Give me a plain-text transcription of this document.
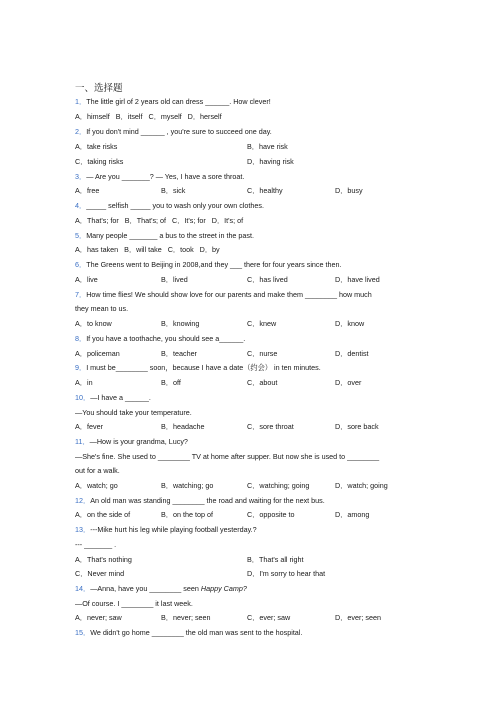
一、选择题
1．The little girl of 2 years old can dress ______. How clever!
A．himself B．itself C．myself D．herself
2．If you don't mind ______ , you're sure to succeed one day.
A．take risks	B．have risk
C．taking risks	D．having risk
3．— Are you _______? — Yes, I have a sore throat.
A．free	B．sick	C．healthy	D．busy
4．_____ selfish _____ you to wash only your own clothes.
A．That's; for B．That's; of C．It's; for D．It's; of
5．Many people _______ a bus to the street in the past.
A．has taken B．will take C．took D．by
6．The Greens went to Beijing in 2008,and they ___ there for four years since then.
A．live	B．lived	C．has lived	D．have lived
7．How time flies! We should show love for our parents and make them ________ how much
they mean to us.
A．to know	B．knowing	C．knew	D．know
8．If you have a toothache, you should see a______.
A．policeman	B．teacher	C．nurse	D．dentist
9．I must be________ soon，because I have a date（约会） in ten minutes.
A．in	B．off	C．about	D．over
10．—I have a ______.
—You should take your temperature.
A．fever	B．headache	C．sore throat	D．sore back
11．—How is your grandma, Lucy?
—She's fine. She used to ________ TV at home after supper. But now she is used to ________
out for a walk.
A．watch; go	B．watching; go	C．watching; going	D．watch; going
12．An old man was standing ________ the road and waiting for the next bus.
A．on the side of	B．on the top of	C．opposite to	D．among
13．---Mike hurt his leg while playing football yesterday.?
--- _______ .
A．That's nothing	B．That's all right
C．Never mind	D．I'm sorry to hear that
14．—Anna, have you ________ seen Happy Camp?
—Of course. I ________ it last week.
A．never; saw	B．never; seen	C．ever; saw	D．ever; seen
15．We didn't go home ________ the old man was sent to the hospital.
